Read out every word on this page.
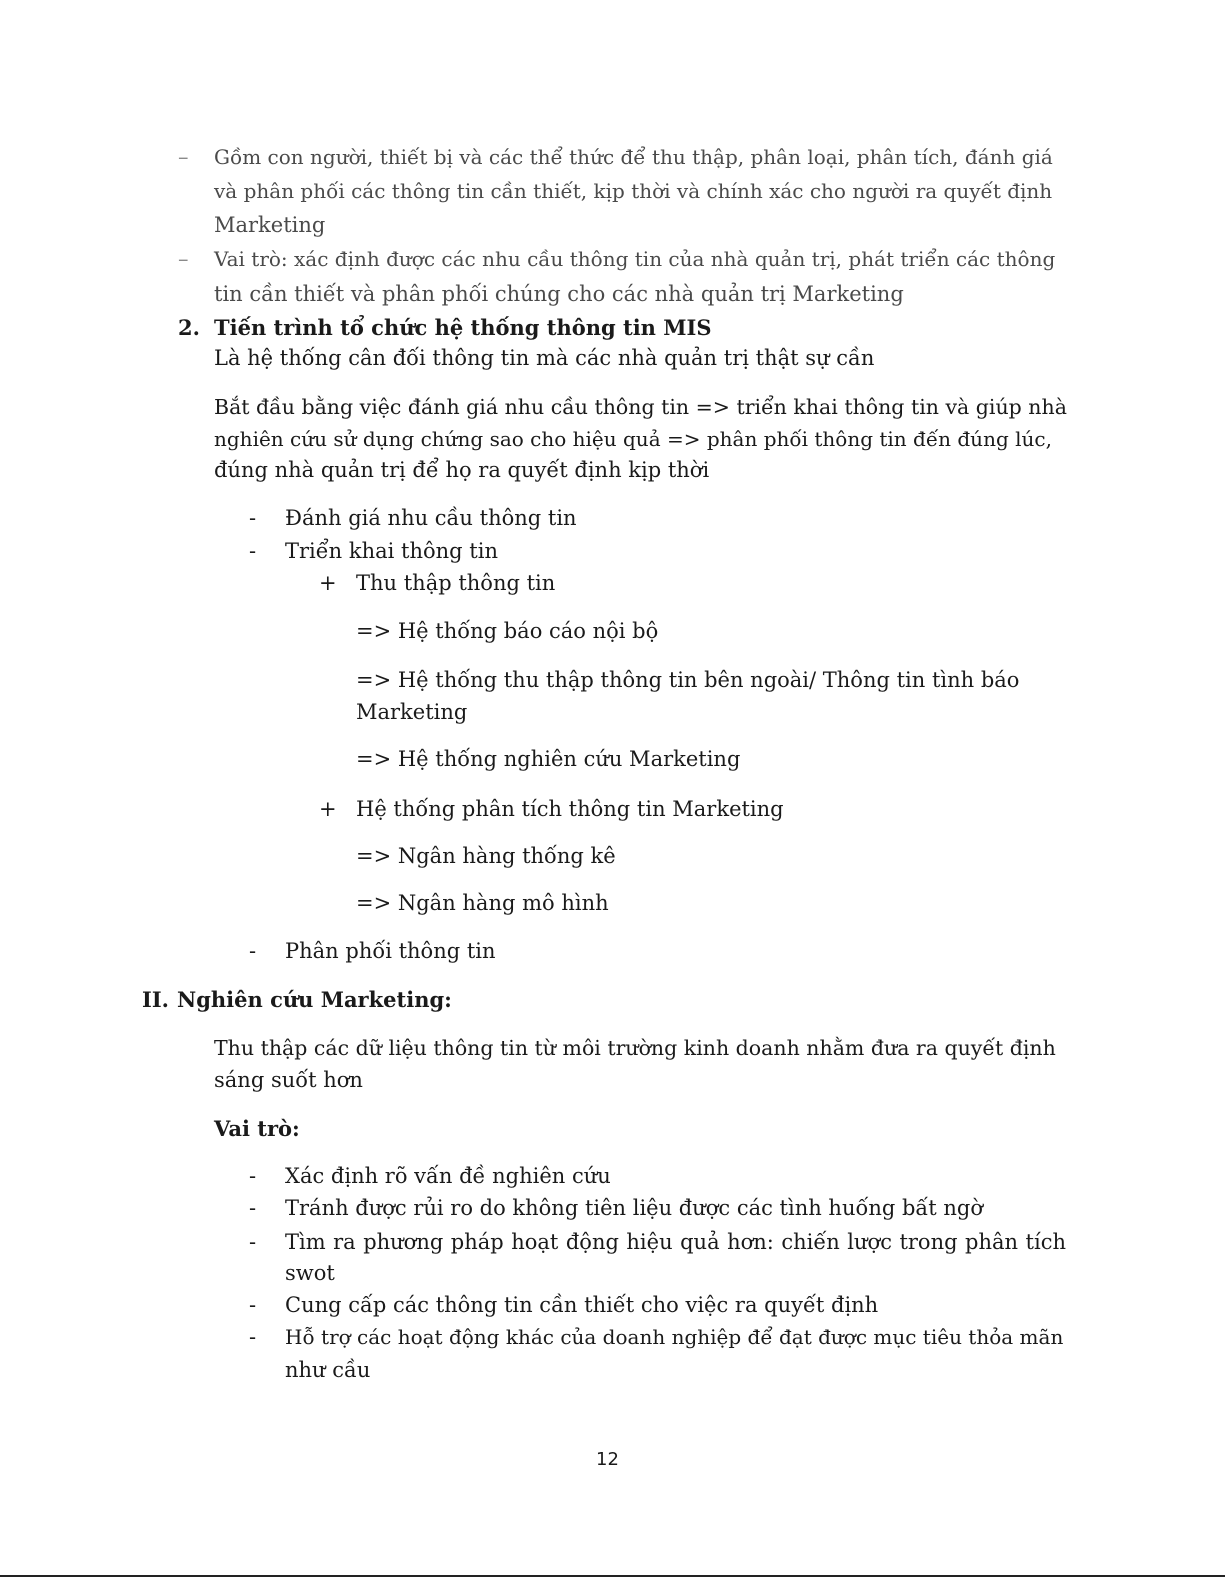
– Gồm con người, thiết bị và các thể thức để thu thập, phân loại, phân tích, đánh giá
và phân phối các thông tin cần thiết, kịp thời và chính xác cho người ra quyết định
Marketing
– Vai trò: xác định được các nhu cầu thông tin của nhà quản trị, phát triển các thông
tin cần thiết và phân phối chúng cho các nhà quản trị Marketing
2. Tiến trình tổ chức hệ thống thông tin MIS
Là hệ thống cân đối thông tin mà các nhà quản trị thật sự cần
Bắt đầu bằng việc đánh giá nhu cầu thông tin => triển khai thông tin và giúp nhà
nghiên cứu sử dụng chứng sao cho hiệu quả => phân phối thông tin đến đúng lúc,
đúng nhà quản trị để họ ra quyết định kịp thời
- Đánh giá nhu cầu thông tin
- Triển khai thông tin
+ Thu thập thông tin
=> Hệ thống báo cáo nội bộ
=> Hệ thống thu thập thông tin bên ngoài/ Thông tin tình báo
Marketing
=> Hệ thống nghiên cứu Marketing
+ Hệ thống phân tích thông tin Marketing
=> Ngân hàng thống kê
=> Ngân hàng mô hình
- Phân phối thông tin
II. Nghiên cứu Marketing:
Thu thập các dữ liệu thông tin từ môi trường kinh doanh nhằm đưa ra quyết định
sáng suốt hơn
Vai trò:
- Xác định rõ vấn đề nghiên cứu
- Tránh được rủi ro do không tiên liệu được các tình huống bất ngờ
- Tìm ra phương pháp hoạt động hiệu quả hơn: chiến lược trong phân tích
swot
- Cung cấp các thông tin cần thiết cho việc ra quyết định
- Hỗ trợ các hoạt động khác của doanh nghiệp để đạt được mục tiêu thỏa mãn
như cầu
12
